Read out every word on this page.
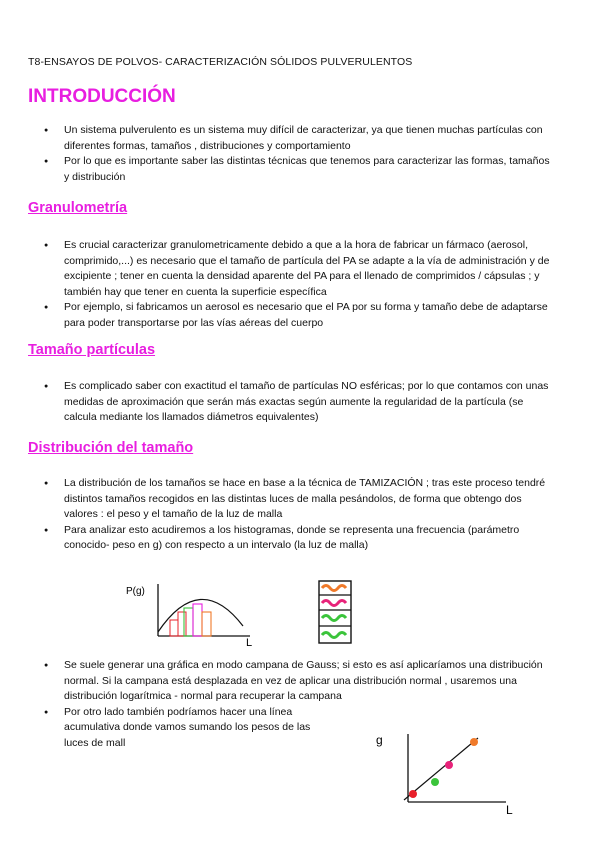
T8-ENSAYOS DE POLVOS- CARACTERIZACIÓN SÓLIDOS PULVERULENTOS
INTRODUCCIÓN
● Un sistema pulverulento es un sistema muy difícil de caracterizar, ya que tienen muchas partículas con diferentes formas, tamaños , distribuciones y comportamiento
● Por lo que es importante saber las distintas técnicas que tenemos para caracterizar las formas, tamaños y distribución
Granulometría
● Es crucial caracterizar granulometricamente debido a que a la hora de fabricar un fármaco (aerosol, comprimido,...) es necesario que el tamaño de partícula del PA se adapte a la vía de administración y de excipiente ; tener en cuenta la densidad aparente del PA para el llenado de comprimidos / cápsulas ; y también hay que tener en cuenta la superficie específica
● Por ejemplo, si fabricamos un aerosol es necesario que el PA por su forma y tamaño debe de adaptarse para poder transportarse por las vías aéreas del cuerpo
Tamaño partículas
● Es complicado saber con exactitud el tamaño de partículas NO esféricas; por lo que contamos con unas medidas de aproximación que serán más exactas según aumente la regularidad de la partícula (se calcula mediante los llamados diámetros equivalentes)
Distribución del tamaño
● La distribución de los tamaños se hace en base a la técnica de TAMIZACIÓN ; tras este proceso tendré distintos tamaños recogidos en las distintas luces de malla pesándolos, de forma que obtengo dos valores : el peso y el tamaño de la luz de malla
● Para analizar esto acudiremos a los histogramas, donde se representa una frecuencia (parámetro conocido- peso en g) con respecto a un intervalo (la luz de malla)
P(g)
L
● Se suele generar una gráfica en modo campana de Gauss; si esto es así aplicaríamos una distribución normal. Si la campana está desplazada en vez de aplicar una distribución normal , usaremos una distribución logarítmica - normal para recuperar la campana
● Por otro lado también podríamos hacer una línea acumulativa donde vamos sumando los pesos de las luces de mall	g
L
